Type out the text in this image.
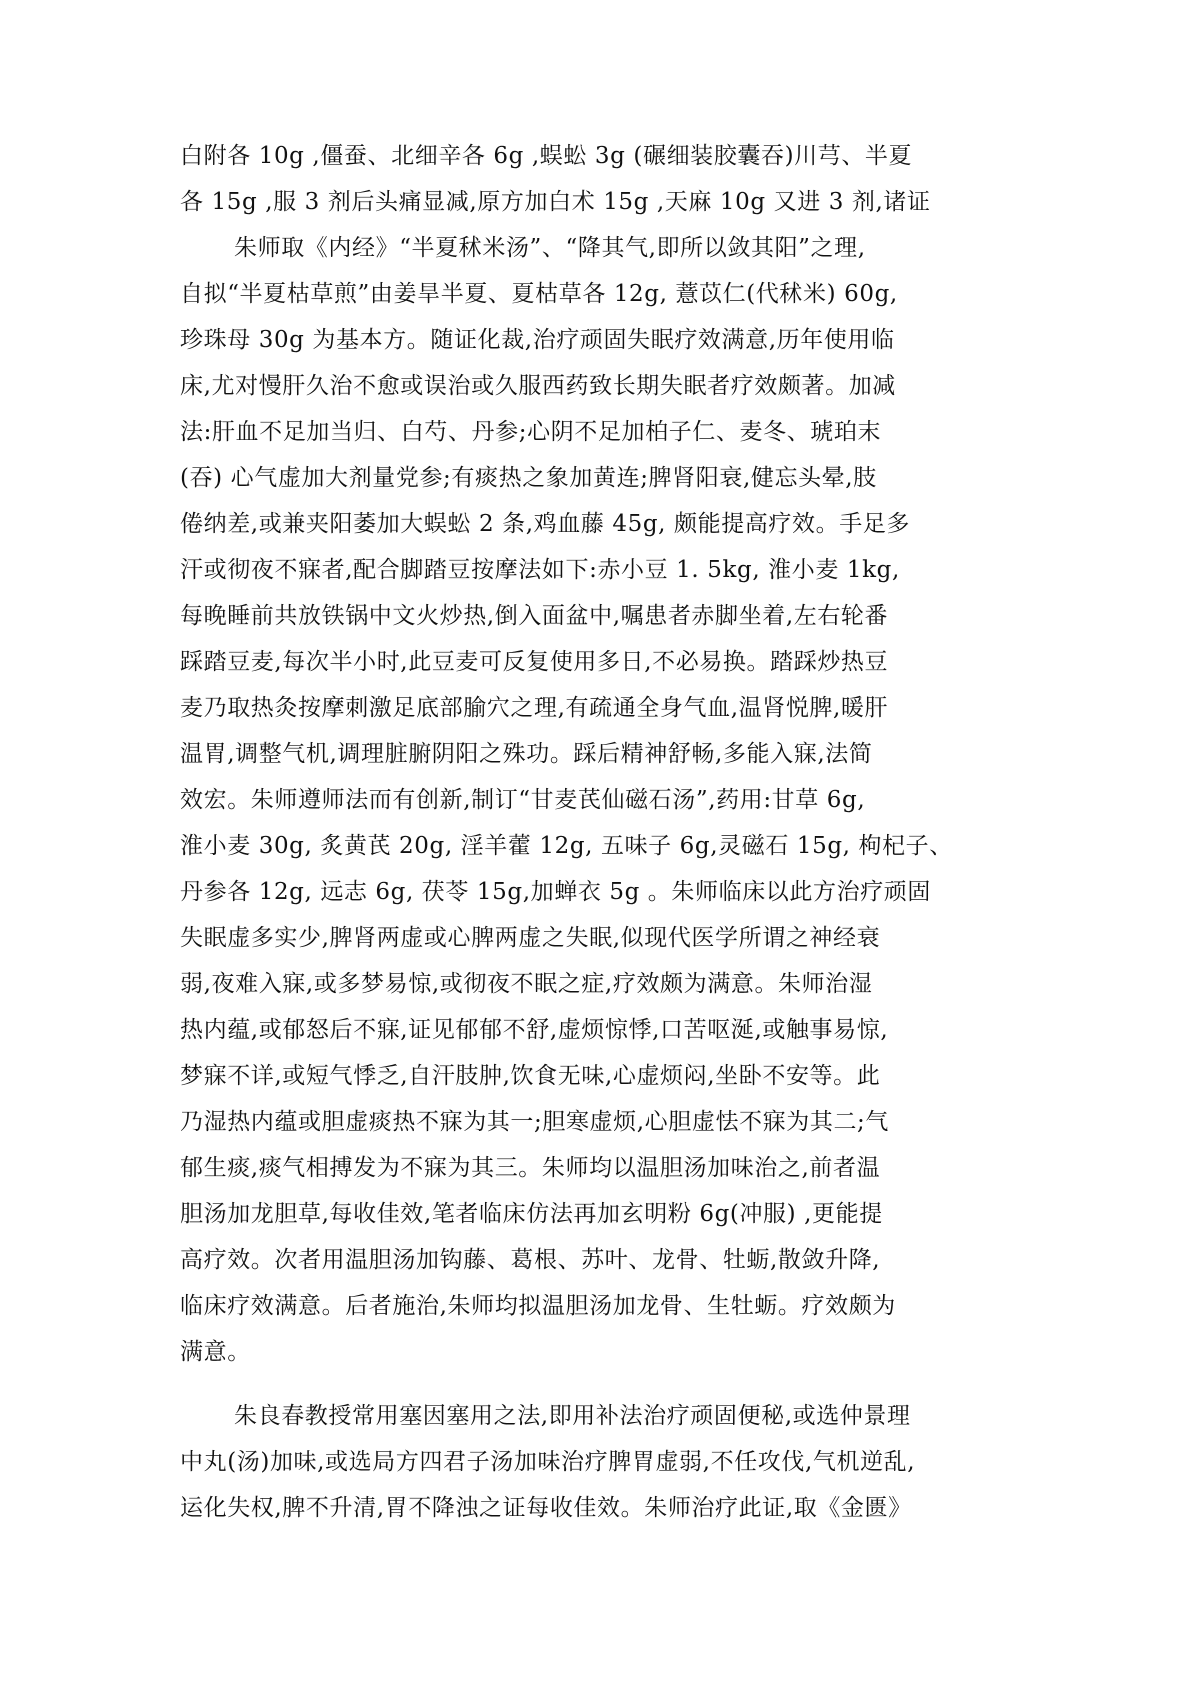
白附各 10g ,僵蚕、北细辛各 6g ,蜈蚣 3g (碾细装胶囊吞)川芎、半夏
各 15g ,服 3 剂后头痛显减,原方加白术 15g ,天麻 10g 又进 3 剂,诸证
朱师取《内经》“半夏秫米汤”、“降其气,即所以敛其阳”之理,
自拟“半夏枯草煎”由姜旱半夏、夏枯草各 12g, 薏苡仁(代秫米) 60g,
珍珠母 30g 为基本方。随证化裁,治疗顽固失眠疗效满意,历年使用临
床,尤对慢肝久治不愈或误治或久服西药致长期失眠者疗效颇著。加减
法:肝血不足加当归、白芍、丹参;心阴不足加柏子仁、麦冬、琥珀末
(吞) 心气虚加大剂量党参;有痰热之象加黄连;脾肾阳衰,健忘头晕,肢
倦纳差,或兼夹阳萎加大蜈蚣 2 条,鸡血藤 45g, 颇能提高疗效。手足多
汗或彻夜不寐者,配合脚踏豆按摩法如下:赤小豆 1. 5kg, 淮小麦 1kg,
每晚睡前共放铁锅中文火炒热,倒入面盆中,嘱患者赤脚坐着,左右轮番
踩踏豆麦,每次半小时,此豆麦可反复使用多日,不必易换。踏踩炒热豆
麦乃取热灸按摩刺激足底部腧穴之理,有疏通全身气血,温肾悦脾,暖肝
温胃,调整气机,调理脏腑阴阳之殊功。踩后精神舒畅,多能入寐,法简
效宏。朱师遵师法而有创新,制订“甘麦芪仙磁石汤”,药用:甘草 6g,
淮小麦 30g, 炙黄芪 20g, 淫羊藿 12g, 五味子 6g,灵磁石 15g, 枸杞子、
丹参各 12g, 远志 6g, 茯苓 15g,加蝉衣 5g 。朱师临床以此方治疗顽固
失眠虚多实少,脾肾两虚或心脾两虚之失眠,似现代医学所谓之神经衰
弱,夜难入寐,或多梦易惊,或彻夜不眠之症,疗效颇为满意。朱师治湿
热内蕴,或郁怒后不寐,证见郁郁不舒,虚烦惊悸,口苦呕涎,或触事易惊,
梦寐不详,或短气悸乏,自汗肢肿,饮食无味,心虚烦闷,坐卧不安等。此
乃湿热内蕴或胆虚痰热不寐为其一;胆寒虚烦,心胆虚怯不寐为其二;气
郁生痰,痰气相搏发为不寐为其三。朱师均以温胆汤加味治之,前者温
胆汤加龙胆草,每收佳效,笔者临床仿法再加玄明粉 6g(冲服) ,更能提
高疗效。次者用温胆汤加钩藤、葛根、苏叶、龙骨、牡蛎,散敛升降,
临床疗效满意。后者施治,朱师均拟温胆汤加龙骨、生牡蛎。疗效颇为
满意。
朱良春教授常用塞因塞用之法,即用补法治疗顽固便秘,或选仲景理
中丸(汤)加味,或选局方四君子汤加味治疗脾胃虚弱,不任攻伐,气机逆乱,
运化失权,脾不升清,胃不降浊之证每收佳效。朱师治疗此证,取《金匮》
